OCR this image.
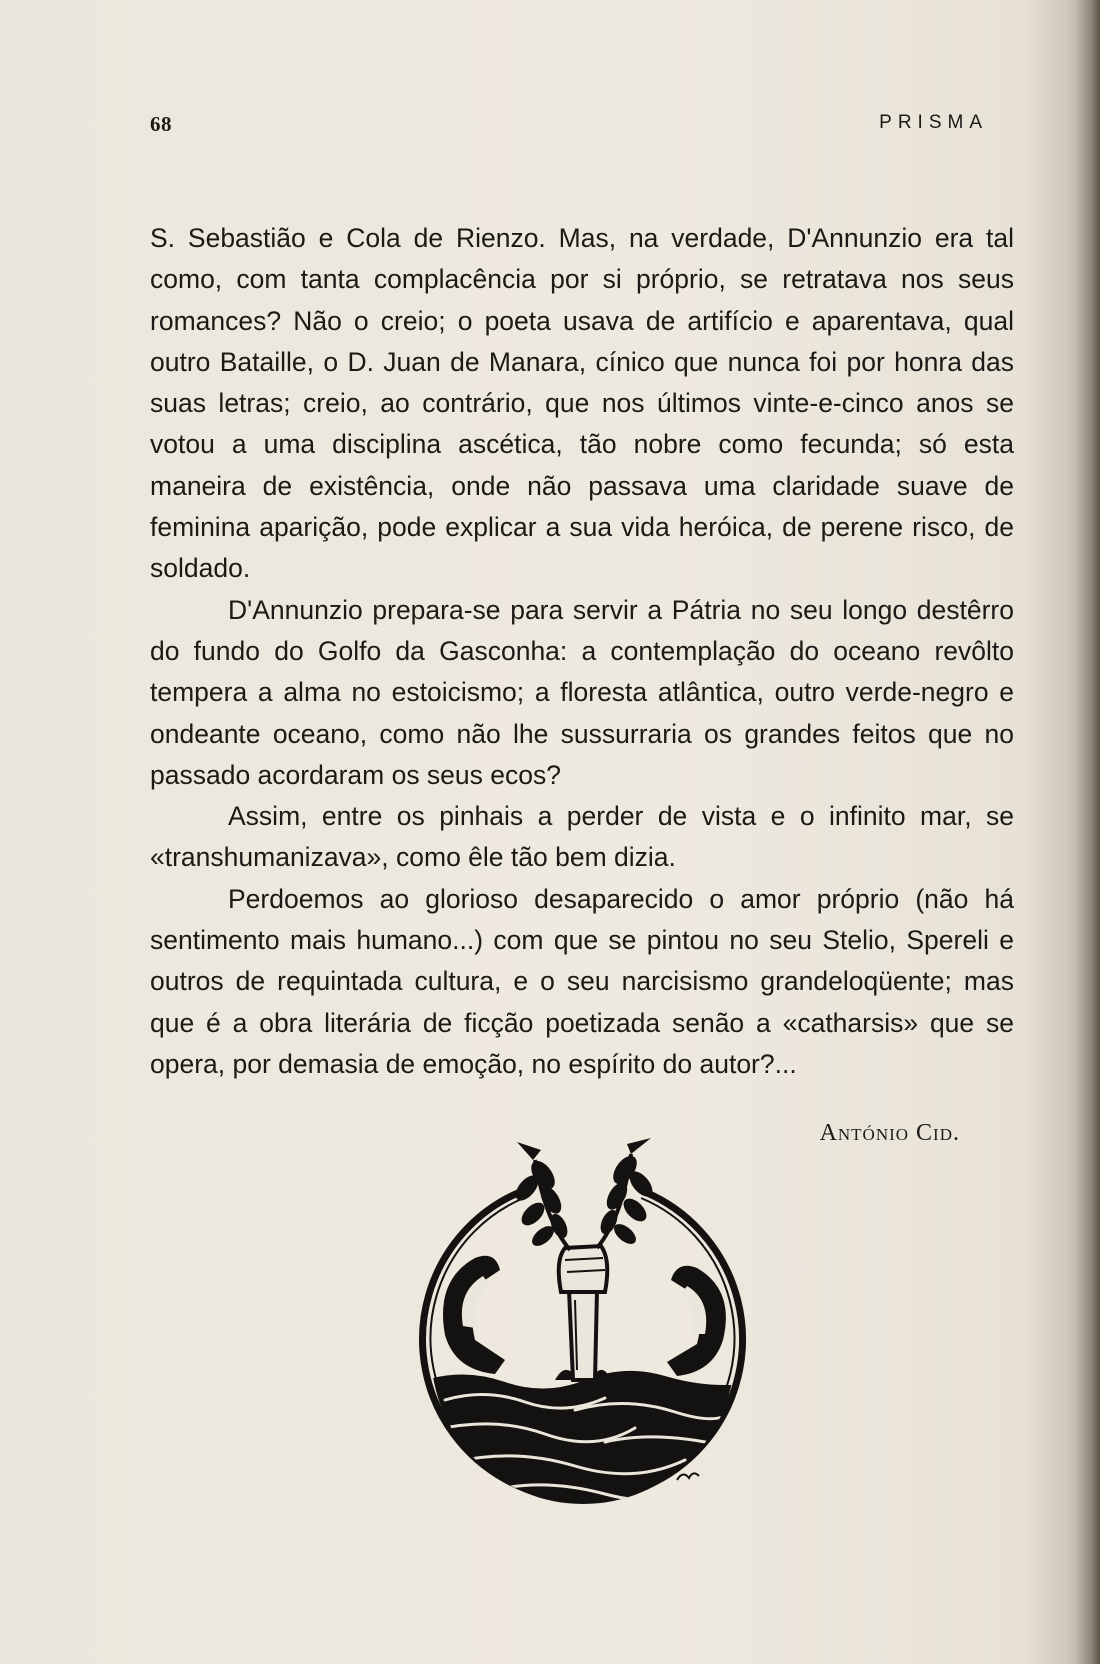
68	PRISMA

S. Sebastião e Cola de Rienzo. Mas, na verdade, D'Annunzio era tal como, com tanta complacência por si próprio, se retratava nos seus romances? Não o creio; o poeta usava de artifício e aparentava, qual outro Bataille, o D. Juan de Manara, cínico que nunca foi por honra das suas letras; creio, ao contrário, que nos últimos vinte-e-cinco anos se votou a uma disciplina ascética, tão nobre como fecunda; só esta maneira de existência, onde não passava uma claridade suave de feminina aparição, pode explicar a sua vida heróica, de perene risco, de soldado.

D'Annunzio prepara-se para servir a Pátria no seu longo destêrro do fundo do Golfo da Gasconha: a contemplação do oceano revôlto tempera a alma no estoicismo; a floresta atlântica, outro verde-negro e ondeante oceano, como não lhe sussurraria os grandes feitos que no passado acordaram os seus ecos?

Assim, entre os pinhais a perder de vista e o infinito mar, se «transhumanizava», como êle tão bem dizia.

Perdoemos ao glorioso desaparecido o amor próprio (não há sentimento mais humano...) com que se pintou no seu Stelio, Spereli e outros de requintada cultura, e o seu narcisismo grandeloqüente; mas que é a obra literária de ficção poetizada senão a «catharsis» que se opera, por demasia de emoção, no espírito do autor?...

António Cid.
